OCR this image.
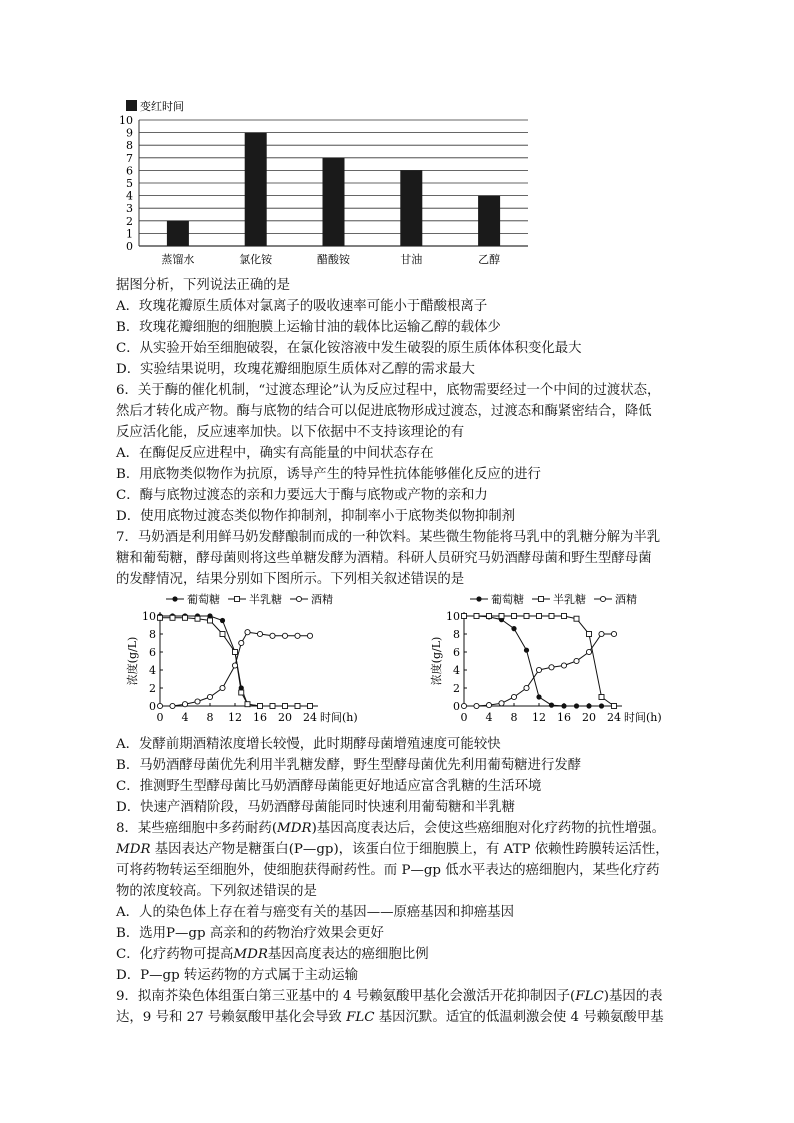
变红时间
0
1
2
3
4
5
6
7
8
9
10
蒸馏水	氯化铵	醋酸铵	甘油	乙醇
据图分析，下列说法正确的是
A．玫瑰花瓣原生质体对氯离子的吸收速率可能小于醋酸根离子
B．玫瑰花瓣细胞的细胞膜上运输甘油的载体比运输乙醇的载体少
C．从实验开始至细胞破裂，在氯化铵溶液中发生破裂的原生质体体积变化最大
D．实验结果说明，玫瑰花瓣细胞原生质体对乙醇的需求最大
6．关于酶的催化机制，“过渡态理论”认为反应过程中，底物需要经过一个中间的过渡状态，
然后才转化成产物。酶与底物的结合可以促进底物形成过渡态，过渡态和酶紧密结合，降低
反应活化能，反应速率加快。以下依据中不支持该理论的有
A．在酶促反应进程中，确实有高能量的中间状态存在
B．用底物类似物作为抗原，诱导产生的特异性抗体能够催化反应的进行
C．酶与底物过渡态的亲和力要远大于酶与底物或产物的亲和力
D．使用底物过渡态类似物作抑制剂，抑制率小于底物类似物抑制剂
7．马奶酒是利用鲜马奶发酵酿制而成的一种饮料。某些微生物能将马乳中的乳糖分解为半乳
糖和葡萄糖，酵母菌则将这些单糖发酵为酒精。科研人员研究马奶酒酵母菌和野生型酵母菌
的发酵情况，结果分别如下图所示。下列相关叙述错误的是
葡萄糖	半乳糖	酒精
0
2
4
6
8
10
0 4 8 12 16 20 24 时间(h)
浓度(g/L)
葡萄糖	半乳糖	酒精
0
2
4
6
8
10
0 4 8 12 16 20 24 时间(h)
浓度(g/L)
A．发酵前期酒精浓度增长较慢，此时期酵母菌增殖速度可能较快
B．马奶酒酵母菌优先利用半乳糖发酵，野生型酵母菌优先利用葡萄糖进行发酵
C．推测野生型酵母菌比马奶酒酵母菌能更好地适应富含乳糖的生活环境
D．快速产酒精阶段，马奶酒酵母菌能同时快速利用葡萄糖和半乳糖
8．某些癌细胞中多药耐药(MDR)基因高度表达后，会使这些癌细胞对化疗药物的抗性增强。
MDR 基因表达产物是糖蛋白(P—gp)，该蛋白位于细胞膜上，有 ATP 依赖性跨膜转运活性，
可将药物转运至细胞外，使细胞获得耐药性。而 P—gp 低水平表达的癌细胞内，某些化疗药
物的浓度较高。下列叙述错误的是
A．人的染色体上存在着与癌变有关的基因——原癌基因和抑癌基因
B．选用P—gp 高亲和的药物治疗效果会更好
C．化疗药物可提高MDR基因高度表达的癌细胞比例
D．P—gp 转运药物的方式属于主动运输
9．拟南芥染色体组蛋白第三亚基中的 4 号赖氨酸甲基化会激活开花抑制因子(FLC)基因的表
达，9 号和 27 号赖氨酸甲基化会导致 FLC 基因沉默。适宜的低温刺激会使 4 号赖氨酸甲基
